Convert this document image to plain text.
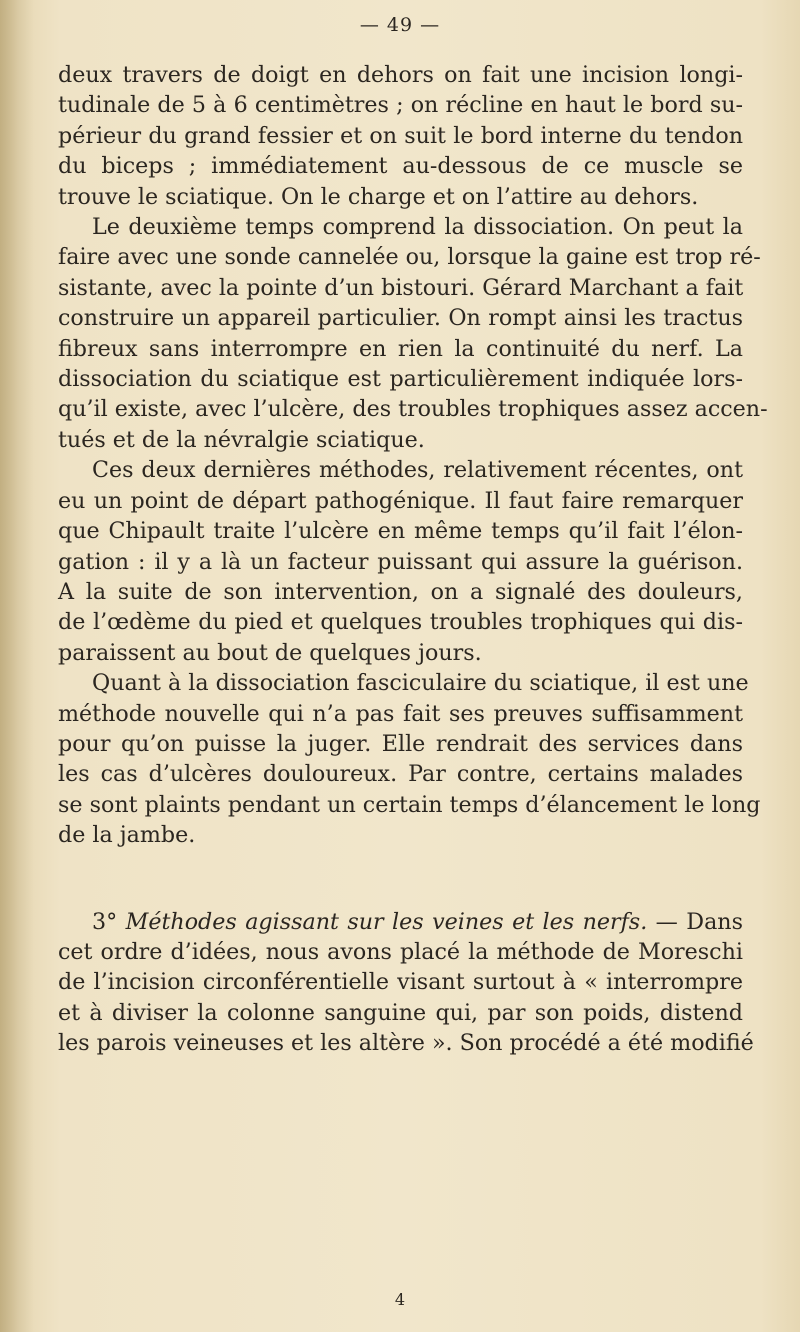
— 49 —

deux travers de doigt en dehors on fait une incision longi-
tudinale de 5 à 6 centimètres ; on récline en haut le bord su-
périeur du grand fessier et on suit le bord interne du tendon
du biceps ; immédiatement au-dessous de ce muscle se
trouve le sciatique. On le charge et on l’attire au dehors.

Le deuxième temps comprend la dissociation. On peut la
faire avec une sonde cannelée ou, lorsque la gaine est trop ré-
sistante, avec la pointe d’un bistouri. Gérard Marchant a fait
construire un appareil particulier. On rompt ainsi les tractus
fibreux sans interrompre en rien la continuité du nerf. La
dissociation du sciatique est particulièrement indiquée lors-
qu’il existe, avec l’ulcère, des troubles trophiques assez accen-
tués et de la névralgie sciatique.

Ces deux dernières méthodes, relativement récentes, ont
eu un point de départ pathogénique. Il faut faire remarquer
que Chipault traite l’ulcère en même temps qu’il fait l’élon-
gation : il y a là un facteur puissant qui assure la guérison.
A la suite de son intervention, on a signalé des douleurs,
de l’œdème du pied et quelques troubles trophiques qui dis-
paraissent au bout de quelques jours.

Quant à la dissociation fasciculaire du sciatique, il est une
méthode nouvelle qui n’a pas fait ses preuves suffisamment
pour qu’on puisse la juger. Elle rendrait des services dans
les cas d’ulcères douloureux. Par contre, certains malades
se sont plaints pendant un certain temps d’élancement le long
de la jambe.

3° Méthodes agissant sur les veines et les nerfs. — Dans
cet ordre d’idées, nous avons placé la méthode de Moreschi
de l’incision circonférentielle visant surtout à « interrompre
et à diviser la colonne sanguine qui, par son poids, distend
les parois veineuses et les altère ». Son procédé a été modifié

4
